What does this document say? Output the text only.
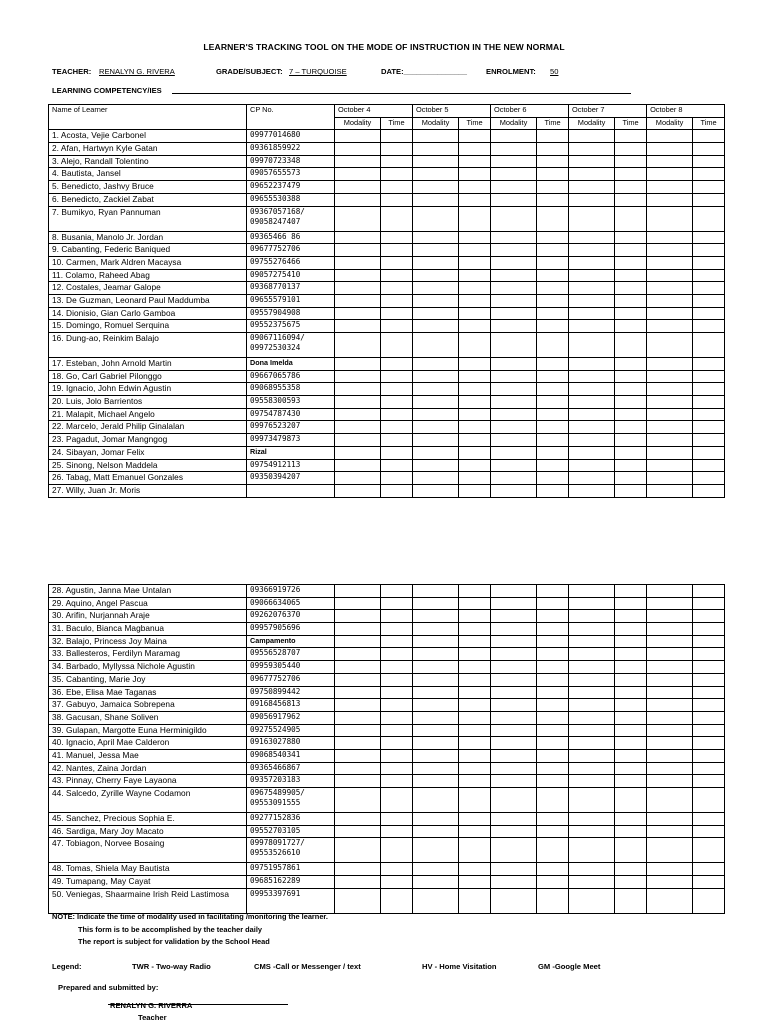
LEARNER'S TRACKING TOOL ON THE MODE OF INSTRUCTION IN THE NEW NORMAL
TEACHER: RENALYN G. RIVERA	GRADE/SUBJECT: 7 – TURQUOISE	DATE:_______________	ENROLMENT: 50
LEARNING COMPETENCY/IES
Name of Learner	CP No.	October 4		October 5		October 6		October 7		October 8	
		Modality	Time	Modality	Time	Modality	Time	Modality	Time	Modality	Time
1. Acosta, Vejie Carbonel	09977014680										
2. Afan, Hartwyn Kyle Gatan	09361859922										
3. Alejo, Randall Tolentino	09970723348										
4. Bautista, Jansel	09057655573										
5. Benedicto, Jashvy Bruce	09652237479										
6. Benedicto, Zackiel Zabat	09655530388										
7. Bumikyo, Ryan Pannuman	09367057168/ 09058247407										
8. Busania, Manolo Jr. Jordan	09365466 86										
9. Cabanting, Federic Baniqued	09677752706										
10. Carmen, Mark Aldren Macaysa	09755276466										
11. Colamo, Raheed Abag	09057275410										
12. Costales, Jeamar Galope	09368770137										
13. De Guzman, Leonard Paul Maddumba	09655579101										
14. Dionisio, Gian Carlo Gamboa	09557904908										
15. Domingo, Romuel Serquina	09552375675										
16. Dung-ao, Reinkim Balajo	09067116094/ 09972530324										
17. Esteban, John Arnold Martin	Dona Imelda										
18. Go, Carl Gabriel Pilonggo	09667065786										
19. Ignacio, John Edwin Agustin	09068955358										
20. Luis, Jolo Barrientos	09558300593										
21. Malapit, Michael Angelo	09754787430										
22. Marcelo, Jerald Philip Ginalalan	09976523207										
23. Pagadut, Jomar Mangngog	09973479873										
24. Sibayan, Jomar Felix	Rizal										
25. Sinong, Nelson Maddela	09754912113										
26. Tabag, Matt Emanuel Gonzales	09350394207										
27. Willy, Juan Jr. Moris											
28. Agustin, Janna Mae Untalan	09366919726										
29. Aquino, Angel Pascua	09066634065										
30. Arifin, Nurjannah Araje	09262076370										
31. Baculo, Bianca Magbanua	09957905696										
32. Balajo, Princess Joy Maina	Campamento										
33. Ballesteros, Ferdilyn Maramag	09556528707										
34. Barbado, Myllyssa Nichole Agustin	09959305440										
35. Cabanting, Marie Joy	09677752706										
36. Ebe, Elisa Mae Taganas	09750899442										
37. Gabuyo, Jamaica Sobrepena	09168456813										
38. Gacusan, Shane Soliven	09056917962										
39. Gulapan, Margotte Euna Herminigildo	09275524905										
40. Ignacio, April Mae Calderon	09163027880										
41. Manuel, Jessa Mae	09068540341										
42. Nantes, Zaina Jordan	09365466867										
43. Pinnay, Cherry Faye Layaona	09357203183										
44. Salcedo, Zyrille Wayne Codamon	09675489905/ 09553091555										
45. Sanchez, Precious Sophia E.	09277152836										
46. Sardiga, Mary Joy Macato	09552703105										
47. Tobiagon, Norvee Bosaing	09978091727/ 09553526610										
48. Tomas, Shiela May Bautista	09751957861										
49. Tumapang, May Cayat	09685162289										
50. Veniegas, Shaarmaine Irish Reid Lastimosa	09953397691										
NOTE: Indicate the time of modality used in facilitating /monitoring the learner.
This form is to be accomplished by the teacher daily
The report is subject for validation by the School Head
Legend:	TWR - Two-way Radio	CMS -Call or Messenger / text	HV - Home Visitation	GM -Google Meet
Prepared and submitted by:
RENALYN G. RIVERRA
Teacher
